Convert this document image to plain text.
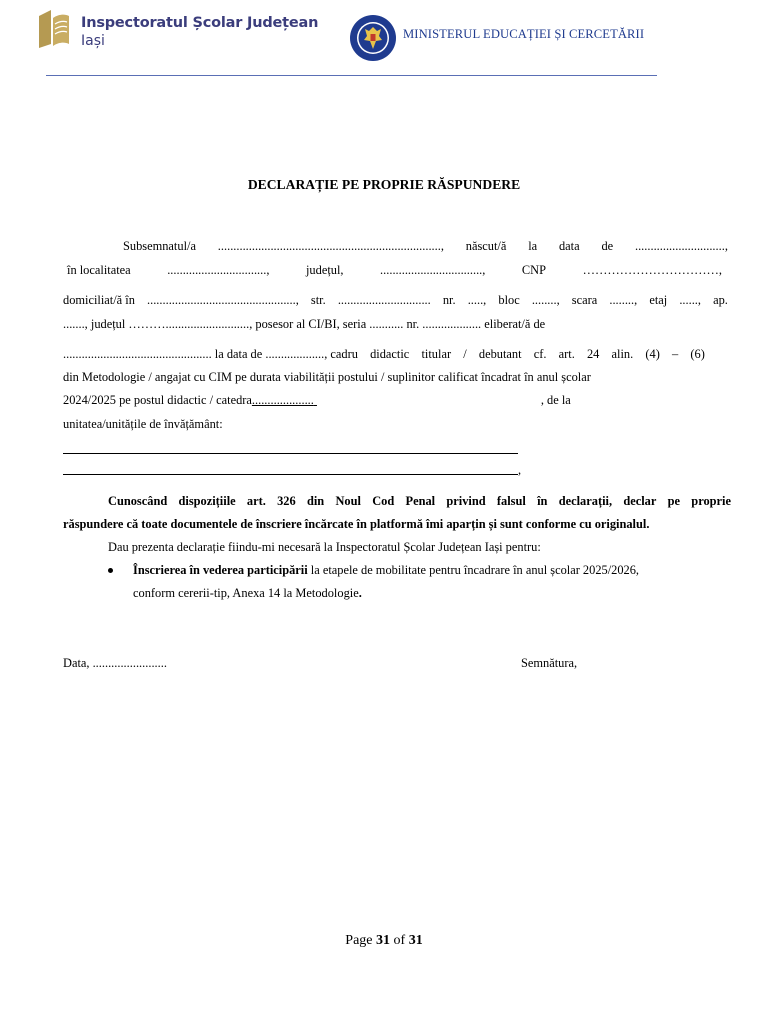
Inspectoratul Școlar Județean
Iași	MINISTERUL EDUCAȚIEI ȘI CERCETĂRII
DECLARAȚIE PE PROPRIE RĂSPUNDERE
Subsemnatul/a ........................................................................, născut/ă la data de .............................,
în localitatea	................................,	județul,	.................................,	CNP	……………………………,
domiciliat/ă în ................................................, str. .............................. nr. ....., bloc ........, scara ........, etaj ......, ap.
......., județul ………..........................., posesor al CI/BI, seria ........... nr. ................... eliberat/ă de
................................................ la data de ..................., cadru didactic titular / debutant cf. art. 24 alin. (4) – (6)
din Metodologie / angajat cu CIM pe durata viabilității postului / suplinitor calificat încadrat în anul școlar
2024/2025 pe postul didactic / catedra....................	, de la
unitatea/unitățile de învățământ:
,
Cunoscând dispozițiile art. 326 din Noul Cod Penal privind falsul în declarații, declar pe proprie
răspundere că toate documentele de înscriere încărcate în platformă îmi aparțin și sunt conforme cu originalul.
Dau prezenta declarație fiindu-mi necesară la Inspectoratul Școlar Județean Iași pentru:
Înscrierea în vederea participării la etapele de mobilitate pentru încadrare în anul școlar 2025/2026,
conform cererii-tip, Anexa 14 la Metodologie.
Data, ........................	Semnătura,
Page 31 of 31
